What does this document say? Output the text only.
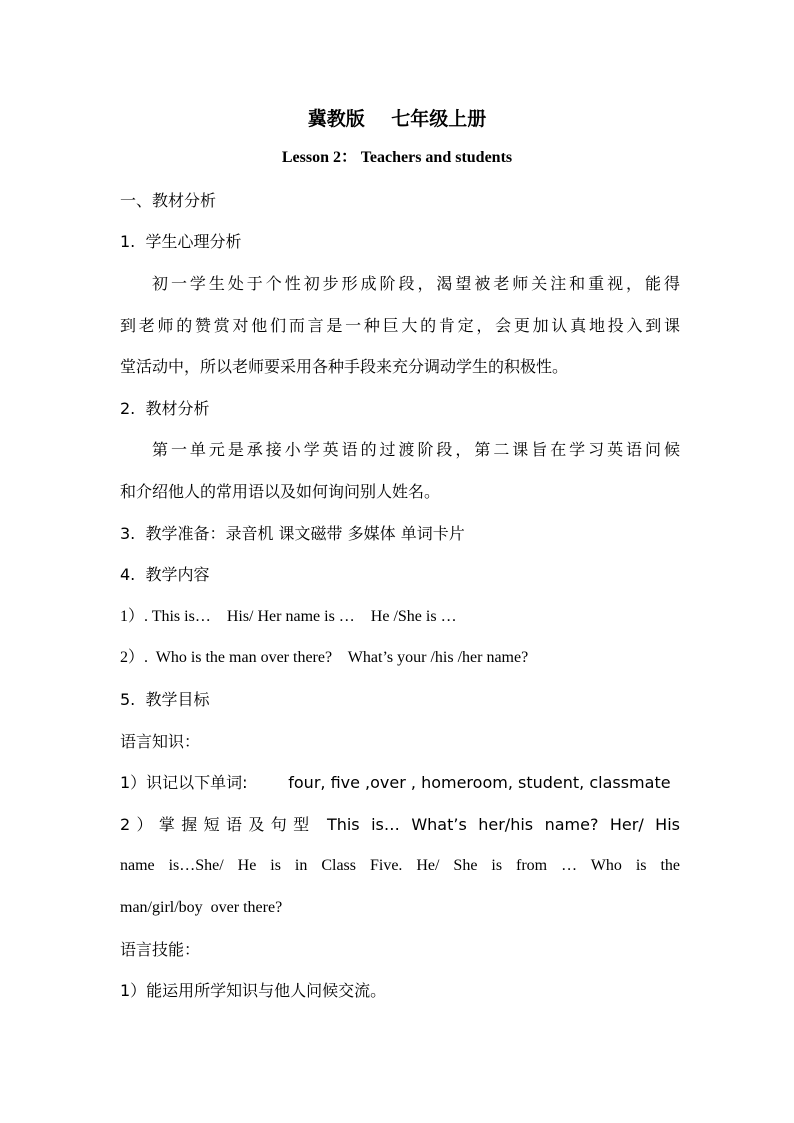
冀教版    七年级上册
Lesson 2： Teachers and students
一、教材分析
1.  学生心理分析
初一学生处于个性初步形成阶段，渴望被老师关注和重视，能得
到老师的赞赏对他们而言是一种巨大的肯定，会更加认真地投入到课
堂活动中，所以老师要采用各种手段来充分调动学生的积极性。
2.  教材分析
第一单元是承接小学英语的过渡阶段，第二课旨在学习英语问候
和介绍他人的常用语以及如何询问别人姓名。
3.  教学准备：录音机 课文磁带 多媒体 单词卡片
4.  教学内容
1）. This is…    His/ Her name is …    He /She is …
2）.  Who is the man over there?    What’s your /his /her name?
5.  教学目标
语言知识：
1）识记以下单词:        four, five ,over , homeroom, student, classmate
2）掌握短语及句型 This is… What’s her/his name? Her/ His
name is…She/ He is in Class Five. He/ She is from … Who is the
man/girl/boy  over there?
语言技能：
1）能运用所学知识与他人问候交流。
